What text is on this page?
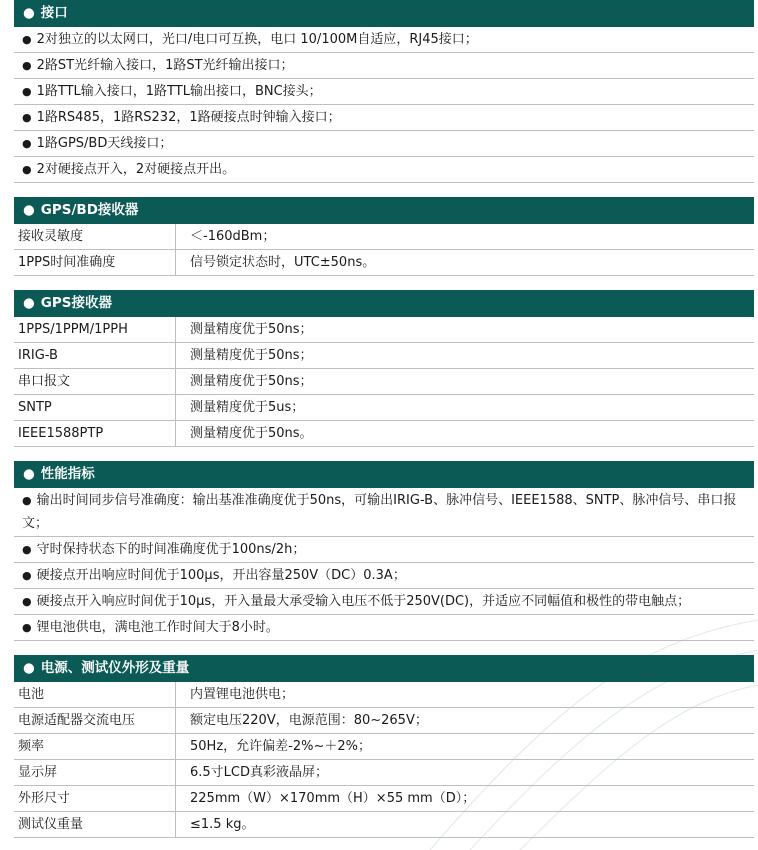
● 接口
● 2对独立的以太网口，光口/电口可互换，电口 10/100M自适应，RJ45接口；
● 2路ST光纤输入接口，1路ST光纤输出接口；
● 1路TTL输入接口，1路TTL输出接口，BNC接头；
● 1路RS485，1路RS232，1路硬接点时钟输入接口；
● 1路GPS/BD天线接口；
● 2对硬接点开入，2对硬接点开出。
● GPS/BD接收器
接收灵敏度	＜-160dBm；
1PPS时间准确度	信号锁定状态时，UTC±50ns。
● GPS接收器
1PPS/1PPM/1PPH	测量精度优于50ns；
IRIG-B	测量精度优于50ns；
串口报文	测量精度优于50ns；
SNTP	测量精度优于5us；
IEEE1588PTP	测量精度优于50ns。
● 性能指标
● 输出时间同步信号准确度：输出基准准确度优于50ns，可输出IRIG-B、脉冲信号、IEEE1588、SNTP、脉冲信号、串口报文；
● 守时保持状态下的时间准确度优于100ns/2h；
● 硬接点开出响应时间优于100μs，开出容量250V（DC）0.3A；
● 硬接点开入响应时间优于10μs，开入量最大承受输入电压不低于250V(DC)，并适应不同幅值和极性的带电触点；
● 锂电池供电，满电池工作时间大于8小时。
● 电源、测试仪外形及重量
电池	内置锂电池供电；
电源适配器交流电压	额定电压220V，电源范围：80~265V；
频率	50Hz，允许偏差-2%~＋2%；
显示屏	6.5寸LCD真彩液晶屏；
外形尺寸	225mm（W）×170mm（H）×55 mm（D）；
测试仪重量	≤1.5 kg。
